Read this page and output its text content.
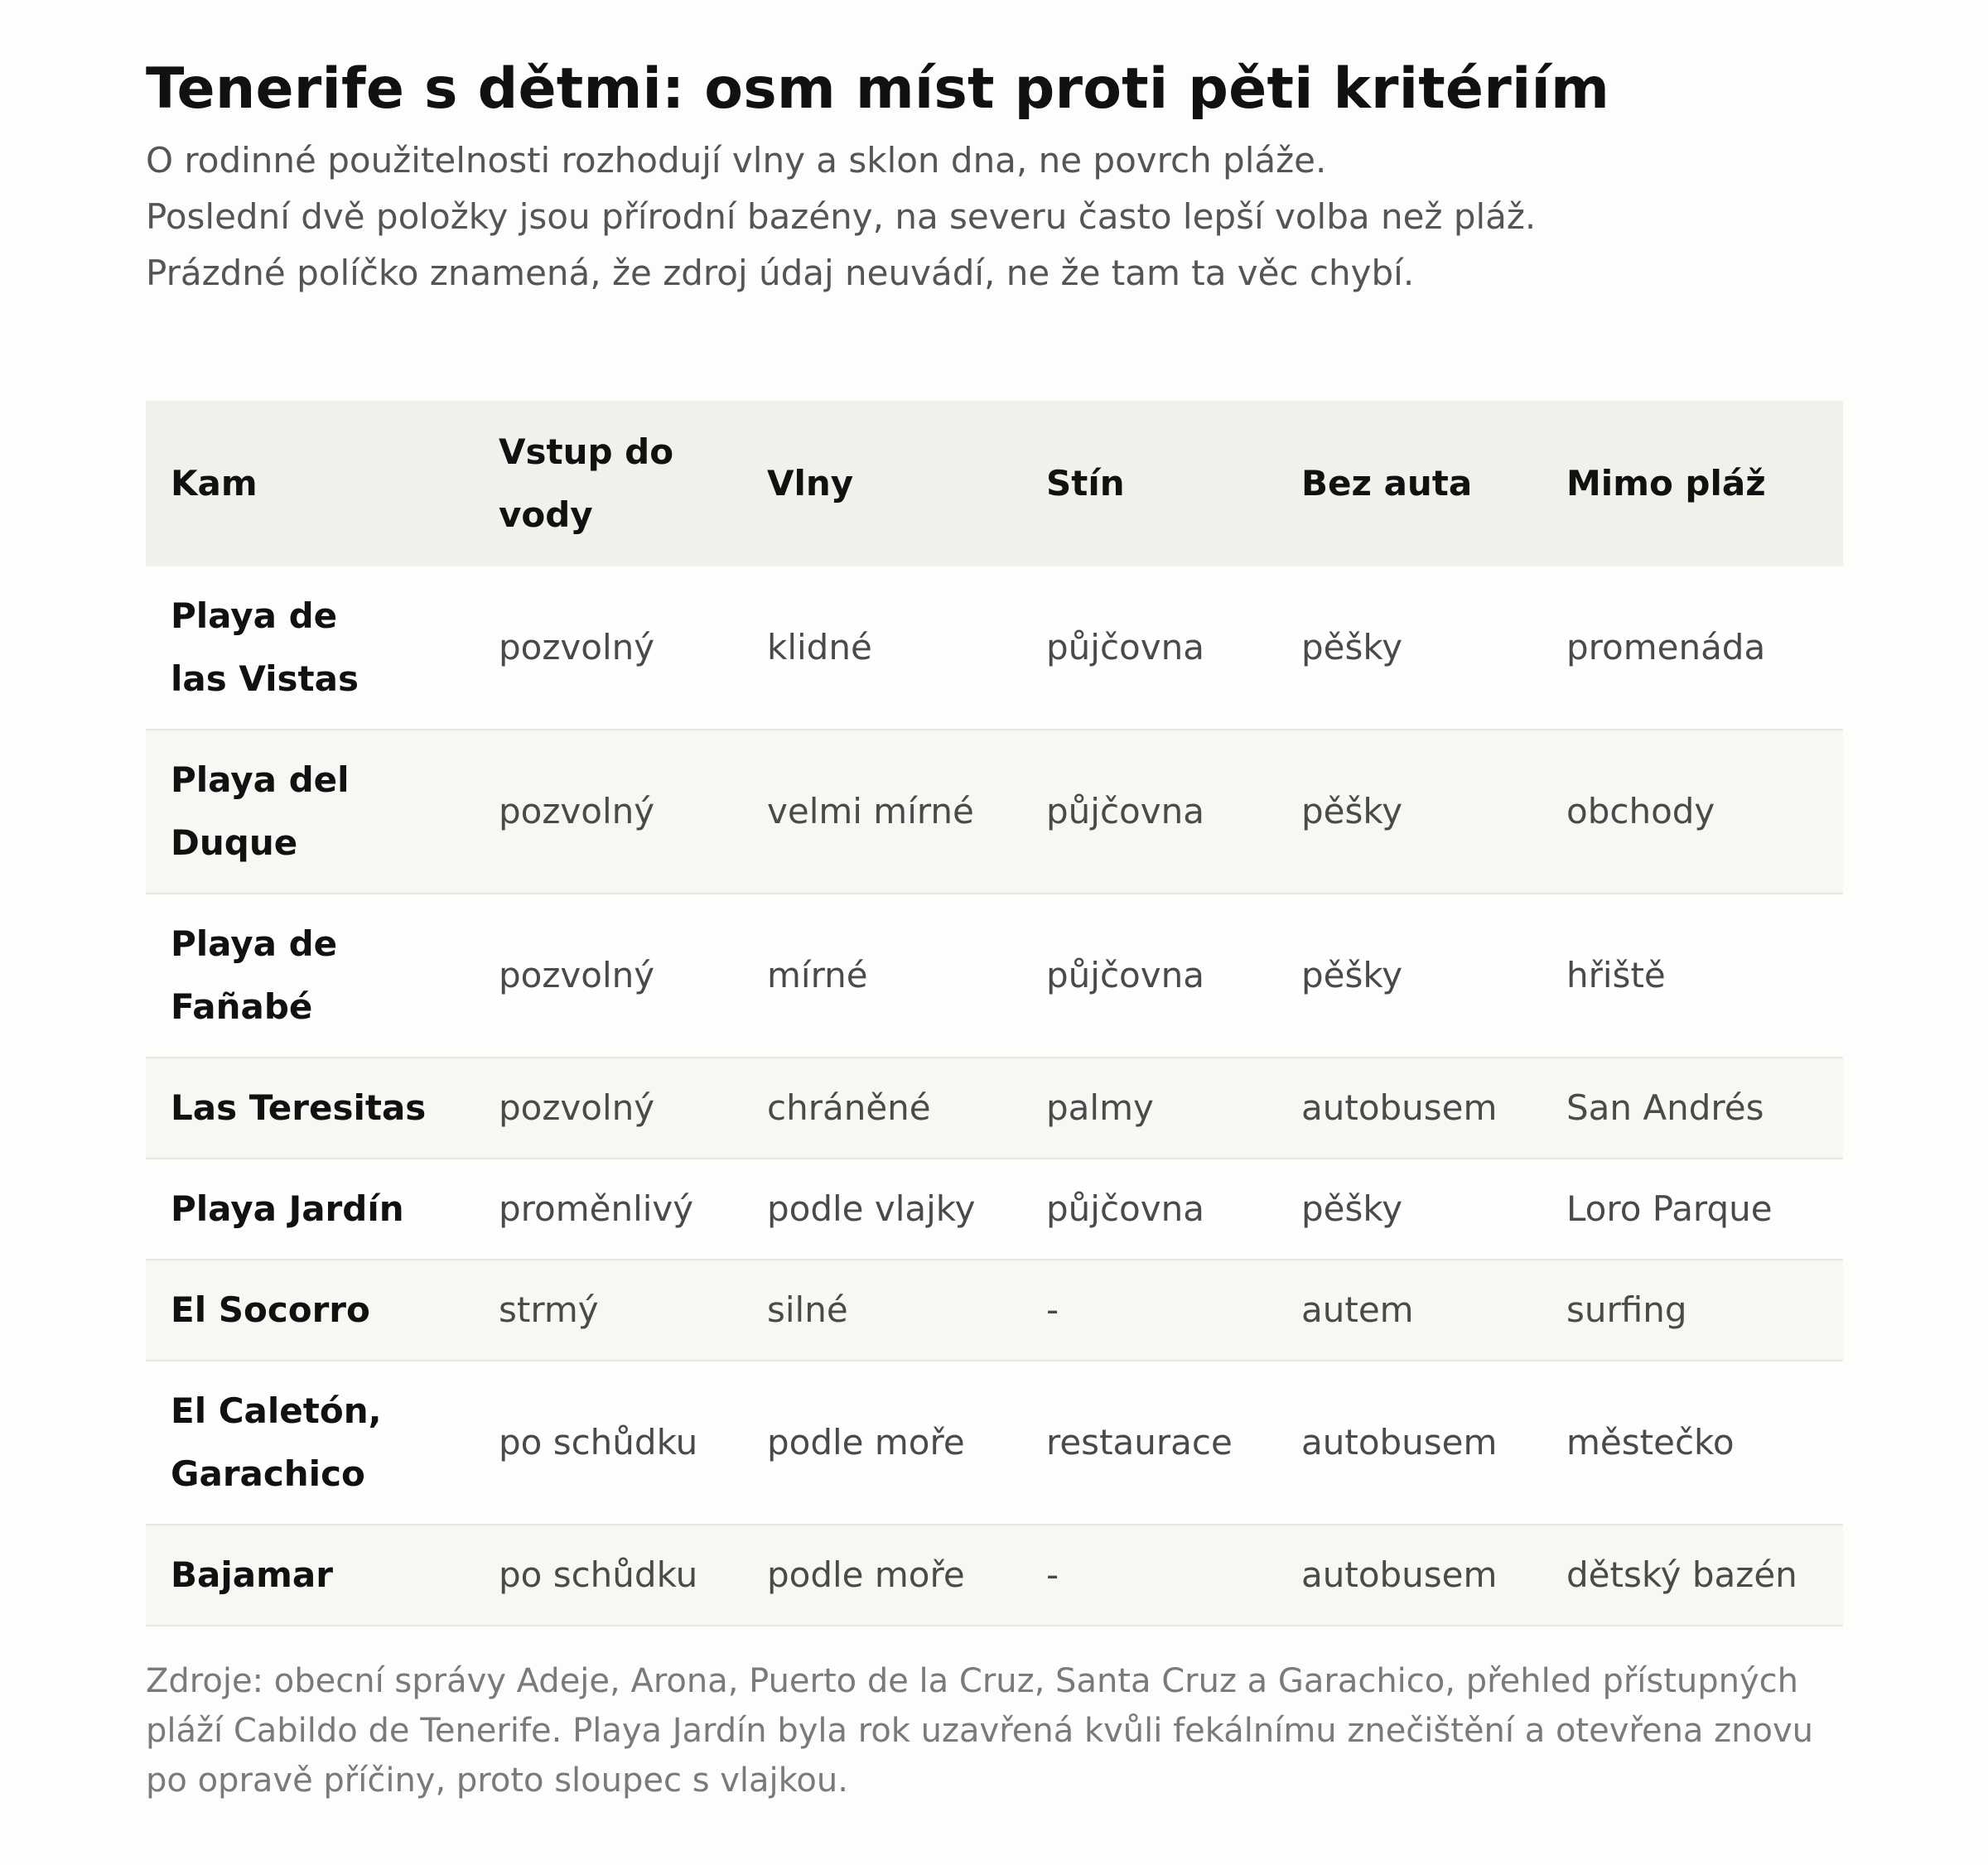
Tenerife s dětmi: osm míst proti pěti kritériím

O rodinné použitelnosti rozhodují vlny a sklon dna, ne povrch pláže.

Poslední dvě položky jsou přírodní bazény, na severu často lepší volba než pláž.

Prázdné políčko znamená, že zdroj údaj neuvádí, ne že tam ta věc chybí.

Kam	Vstup do vody	Vlny	Stín	Bez auta	Mimo pláž
Playa de las Vistas	pozvolný	klidné	půjčovna	pěšky	promenáda
Playa del Duque	pozvolný	velmi mírné	půjčovna	pěšky	obchody
Playa de Fañabé	pozvolný	mírné	půjčovna	pěšky	hřiště
Las Teresitas	pozvolný	chráněné	palmy	autobusem	San Andrés
Playa Jardín	proměnlivý	podle vlajky	půjčovna	pěšky	Loro Parque
El Socorro	strmý	silné	-	autem	surfing
El Caletón, Garachico	po schůdku	podle moře	restaurace	autobusem	městečko
Bajamar	po schůdku	podle moře	-	autobusem	dětský bazén

Zdroje: obecní správy Adeje, Arona, Puerto de la Cruz, Santa Cruz a Garachico, přehled přístupných pláží Cabildo de Tenerife. Playa Jardín byla rok uzavřená kvůli fekálnímu znečištění a otevřena znovu po opravě příčiny, proto sloupec s vlajkou.
